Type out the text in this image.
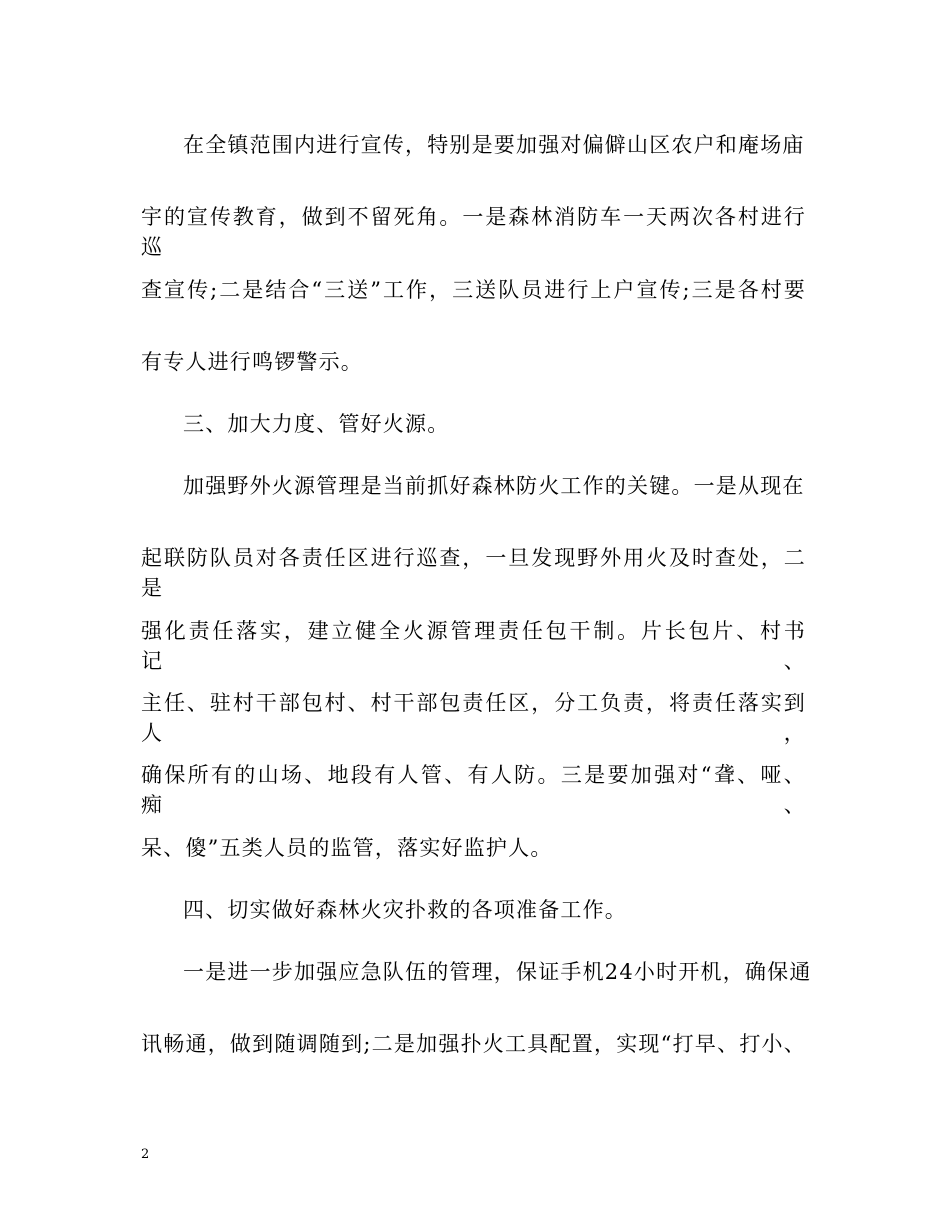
在全镇范围内进行宣传，特别是要加强对偏僻山区农户和庵场庙
宇的宣传教育，做到不留死角。一是森林消防车一天两次各村进行巡
查宣传;二是结合“三送”工作，三送队员进行上户宣传;三是各村要
有专人进行鸣锣警示。
三、加大力度、管好火源。
加强野外火源管理是当前抓好森林防火工作的关键。一是从现在
起联防队员对各责任区进行巡查，一旦发现野外用火及时查处，二是
强化责任落实，建立健全火源管理责任包干制。片长包片、村书记、
主任、驻村干部包村、村干部包责任区，分工负责，将责任落实到人，
确保所有的山场、地段有人管、有人防。三是要加强对“聋、哑、痴、
呆、傻”五类人员的监管，落实好监护人。
四、切实做好森林火灾扑救的各项准备工作。
一是进一步加强应急队伍的管理，保证手机24小时开机，确保通
讯畅通，做到随调随到;二是加强扑火工具配置，实现“打早、打小、
2
